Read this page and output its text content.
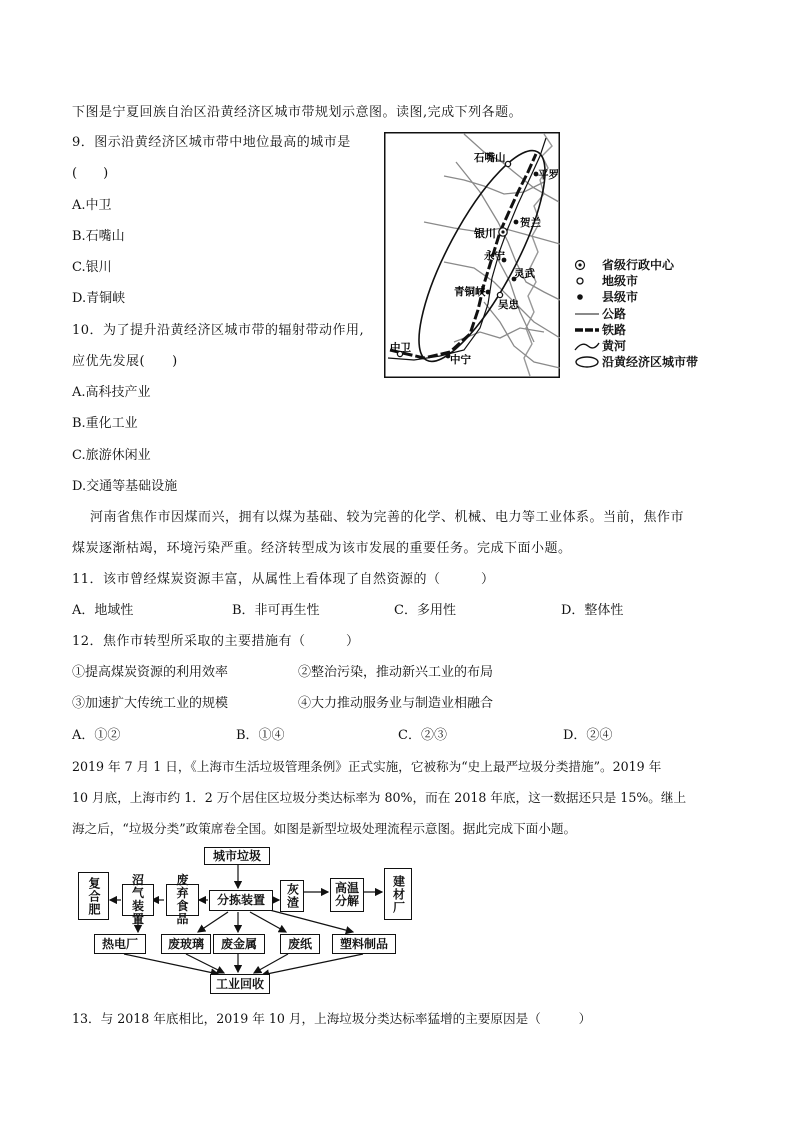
下图是宁夏回族自治区沿黄经济区城市带规划示意图。读图,完成下列各题。
9．图示沿黄经济区城市带中地位最高的城市是
(　　)
A.中卫
B.石嘴山
C.银川
D.青铜峡
10．为了提升沿黄经济区城市带的辐射带动作用,
应优先发展(　　)
A.高科技产业
B.重化工业
C.旅游休闲业
D.交通等基础设施
石嘴山
平罗
贺兰
银川
永宁
灵武
青铜峡
吴忠
中卫
中宁
省级行政中心
地级市
县级市
公路
铁路
黄河
沿黄经济区城市带
河南省焦作市因煤而兴，拥有以煤为基础、较为完善的化学、机械、电力等工业体系。当前，焦作市
煤炭逐渐枯竭，环境污染严重。经济转型成为该市发展的重要任务。完成下面小题。
11．该市曾经煤炭资源丰富，从属性上看体现了自然资源的（　　　）
A．地域性	B．非可再生性	C．多用性	D．整体性
12．焦作市转型所采取的主要措施有（　　　）
①提高煤炭资源的利用效率	②整治污染，推动新兴工业的布局
③加速扩大传统工业的规模	④大力推动服务业与制造业相融合
A．①②	B．①④	C．②③	D．②④
2019 年 7 月 1 日，《上海市生活垃圾管理条例》正式实施，它被称为“史上最严垃圾分类措施”。2019 年
10 月底，上海市约 1．2 万个居住区垃圾分类达标率为 80%，而在 2018 年底，这一数据还只是 15%。继上
海之后，“垃圾分类”政策席卷全国。如图是新型垃圾处理流程示意图。据此完成下面小题。
城市垃圾
分拣装置
废弃食品
沼气装置
复合肥	灰渣	高温分解	建材厂
热电厂	废玻璃	废金属	废纸	塑料制品
工业回收
13．与 2018 年底相比，2019 年 10 月，上海垃圾分类达标率猛增的主要原因是（　　　）
